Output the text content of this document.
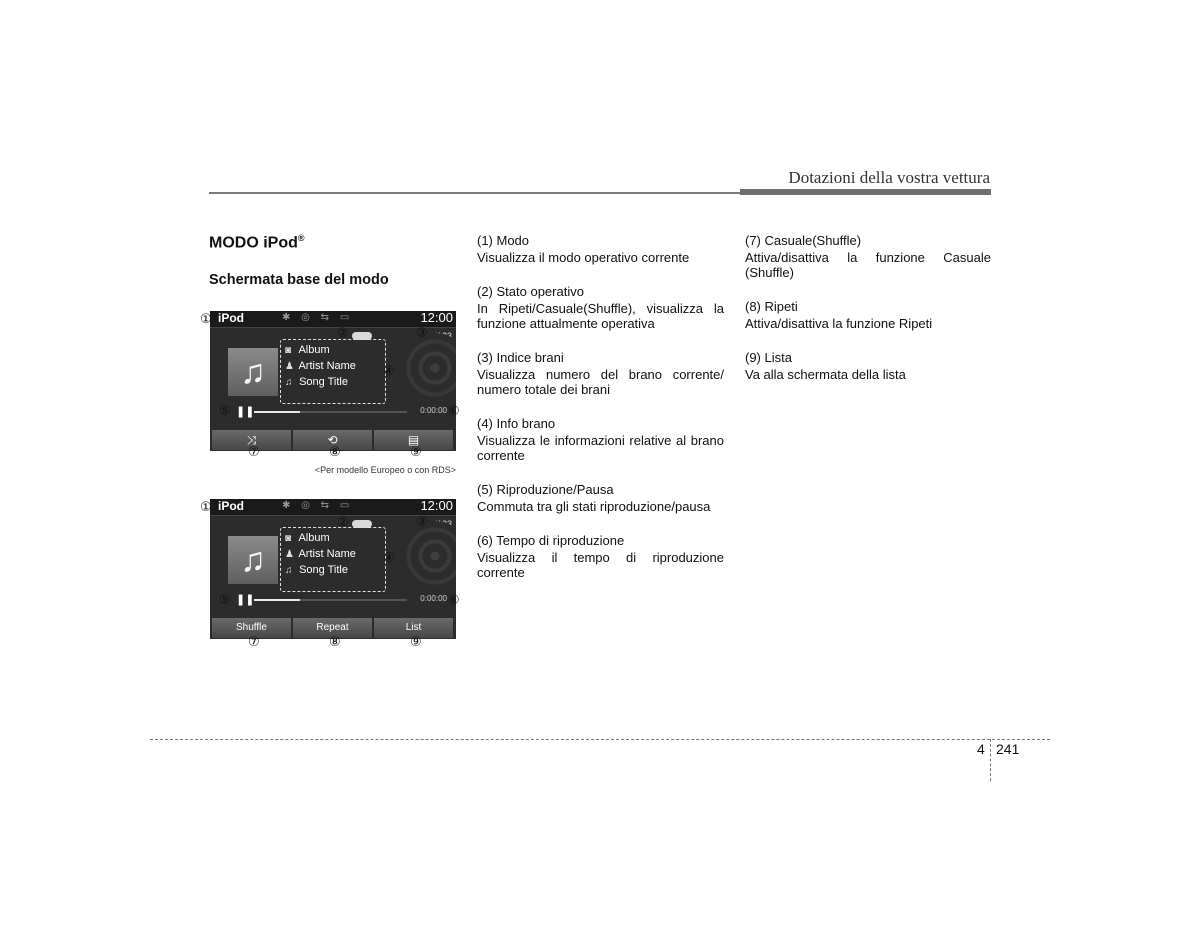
Dotazioni della vostra vettura
MODO iPod®
Schermata base del modo
iPod	✱ ◎ ⇆ ▭	12:00
♫
◙ Album
♟ Artist Name
♫ Song Title
❚❚	0:00:00
⤨	⟲	▤
①
②	③
④
⑤	⑥
⑦	⑧	⑨
<Per modello Europeo o con RDS>
iPod	✱ ◎ ⇆ ▭	12:00
♫
◙ Album
♟ Artist Name
♫ Song Title
❚❚	0:00:00
Shuffle	Repeat	List
①
②	③
④
⑤	⑥
⑦	⑧	⑨

(1) Modo

Visualizza il modo operativo corrente

(2) Stato operativo

In Ripeti/Casuale(Shuffle), visualizza la funzione attualmente operativa

(3) Indice brani

Visualizza numero del brano corrente/ numero totale dei brani

(4) Info brano

Visualizza le informazioni relative al brano corrente

(5) Riproduzione/Pausa

Commuta tra gli stati riproduzione/pausa

(6) Tempo di riproduzione

Visualizza il tempo di riproduzione corrente

(7) Casuale(Shuffle)

Attiva/disattiva la funzione Casuale (Shuffle)

(8) Ripeti

Attiva/disattiva la funzione Ripeti

(9) Lista

Va alla schermata della lista

4 241
